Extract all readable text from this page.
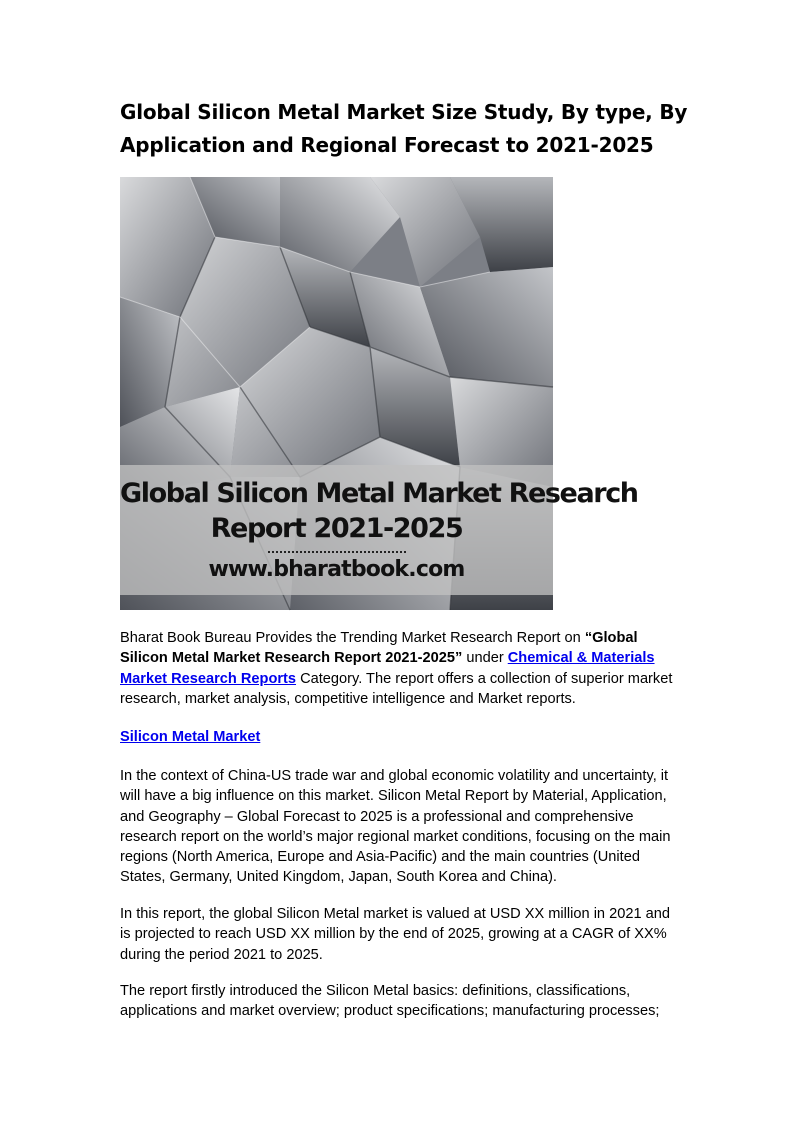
Global Silicon Metal Market Size Study, By type, By Application and Regional Forecast to 2021-2025
Global Silicon Metal Market Research
Report 2021-2025
www.bharatbook.com

Bharat Book Bureau Provides the Trending Market Research Report on “Global Silicon Metal Market Research Report 2021-2025” under Chemical & Materials Market Research Reports Category. The report offers a collection of superior market research, market analysis, competitive intelligence and Market reports.

Silicon Metal Market

In the context of China-US trade war and global economic volatility and uncertainty, it will have a big influence on this market. Silicon Metal Report by Material, Application, and Geography – Global Forecast to 2025 is a professional and comprehensive research report on the world’s major regional market conditions, focusing on the main regions (North America, Europe and Asia-Pacific) and the main countries (United States, Germany, United Kingdom, Japan, South Korea and China).

In this report, the global Silicon Metal market is valued at USD XX million in 2021 and is projected to reach USD XX million by the end of 2025, growing at a CAGR of XX% during the period 2021 to 2025.

The report firstly introduced the Silicon Metal basics: definitions, classifications, applications and market overview; product specifications; manufacturing processes;
